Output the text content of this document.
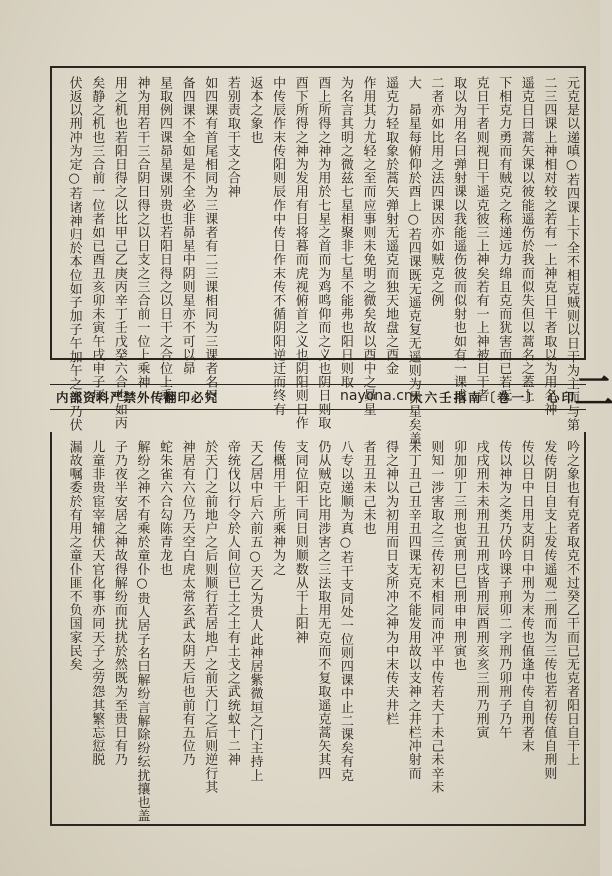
二
元克是以递嗔○若四课上下全不相克贼则以日干为主而与第
二三四课上神相对较之若有一上神克日干者取以为用名神
遥克日曰蒿矢课以彼能遥伤於我而似失但以蒿名之蓋上
下相克力勇而有贼克之称递远力绵且克而犹害而已若无
克日干者则视日干遥克彼三上神矣若有一上神被日干者
取以为用名曰弹射课以我能遥伤彼而似射也如有一课或
二者亦如比用之法四课因亦如贼克之例
大　昴星每俯仰於酉上○若四课既无遥克复无遥则为昴星矣盖
遥克力轻取象於蒿矢弹射无遥克而独天地盘之酉金
作用其力尤轻之至而应事则未免明之微矣故以酉中之昴星
为名言其明之微兹七星相聚非七星不能弗也阳日则取
酉上所得之神为用於七星之首而为鸡鸣仰而之义也阴日则取
酉下所得之神为发用有日将暮而虎视俯首之义也阴阳则日作
中传辰作末传阳则辰作中传日作末传不循阴阳逆迁而终有
返本之象也
若别责取干支之合神
如四课有首尾相同为三课者有二三课相同为三课者名曰
备四课不全如是不全必非昴星中阴则星亦不可以昴
星取例四课昴星课别贵也若阳日得之以日干之合位上乘
神为用若干三合阴日得之以日支之三合前一位上乘神
用之机也若阳日得之以比甲己乙庚丙辛丁壬戊癸六合也如丙
矣静之机也三合前一位者如已酉丑亥卯未寅午戌申子辰
伏返以刑冲为定○若诸神归於本位如子加子午加午之类乃伏
内部资料严禁外传翻印必究	nayona.cn
大六壬指南〔卷一〕 心印
吟之象也有克者取克不过癸乙干而已无克者阳日自干上
发传阴日自支上发传遥观二刑而为三传也若初传值自刑则
传以日中日用支阴日中刑为末传也值逢中传自刑者末
传以神为之类乃伏吟课子刑卯二字刑乃卯刑子乃午
戌戌刑未未刑丑丑刑戌皆刑辰酉刑亥亥三刑乃刑寅
卯加卯丁三刑也寅刑巳巳刑申申刑寅也
则知一涉害取之三传初末相同而冲平中传若夫丁未己未辛未
未丁丑己丑辛丑四课无克不能发用故以支神之井栏冲射而
得之神以为初用而日支所冲之神为中末传夫井栏
者丑丑未己未也
八专以递顺为真○若干支同处一位则四课中止二课矣有克
仍从贼克比用涉害之三法取用无克而不复取遥克蒿矢其四
支同位阳干同日则顺数从干上阳神
传概用干上所乘神为之
天乙居中后六前五○天乙为贵人此神居紫微垣之门主持上
帝统伐以行令於人间位已土之土有土戈之武统蚁十二神
於天门之前地户之后则顺行若居地户之前天门之后则逆行其
神居有六位乃天空白虎太常玄武太阴天后也前有五位乃
蛇朱雀六合勾陈青龙也
解纷之神不有乘於童仆○贵人居子名曰解纷言解除纷纭扰攘也盖
子乃夜半安居之神故得解纷而扰扰於然既为至贵日有乃
儿童非贵宦宰辅伏天官化事亦同天子之劳怨其繁忘愆脱
漏故嘱委於有用之童仆匪不负国家民矣
